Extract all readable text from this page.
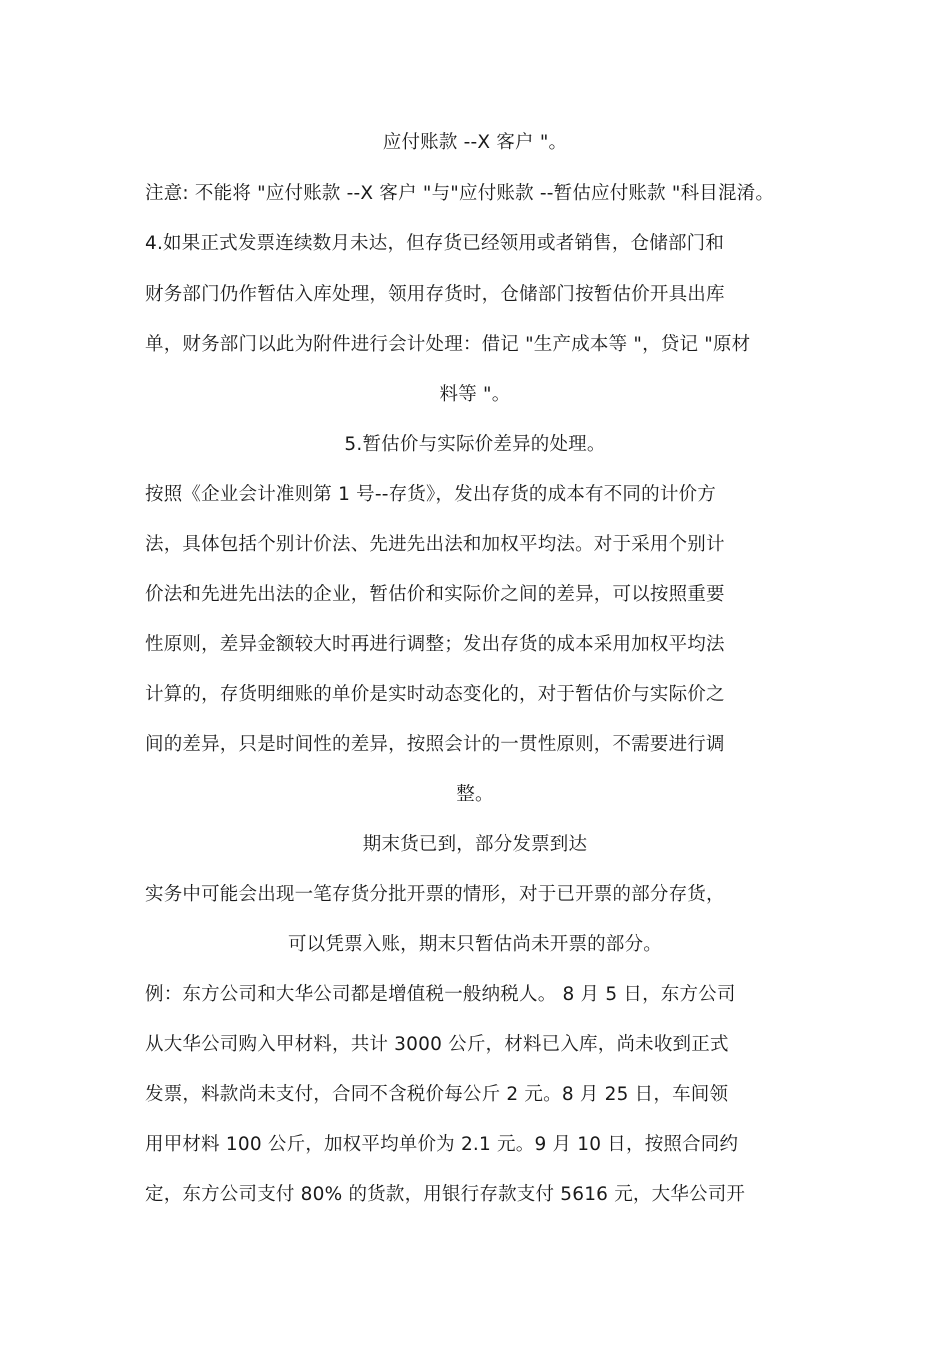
应付账款 --X 客户 "。
注意: 不能将 "应付账款 --X 客户 "与"应付账款 --暂估应付账款 "科目混淆。
4.如果正式发票连续数月未达，但存货已经领用或者销售，仓储部门和
财务部门仍作暂估入库处理，领用存货时，仓储部门按暂估价开具出库
单，财务部门以此为附件进行会计处理：借记 "生产成本等 "，贷记 "原材
料等 "。
5.暂估价与实际价差异的处理。
按照《企业会计准则第 1 号--存货》，发出存货的成本有不同的计价方
法，具体包括个别计价法、先进先出法和加权平均法。对于采用个别计
价法和先进先出法的企业，暂估价和实际价之间的差异，可以按照重要
性原则，差异金额较大时再进行调整；发出存货的成本采用加权平均法
计算的，存货明细账的单价是实时动态变化的，对于暂估价与实际价之
间的差异，只是时间性的差异，按照会计的一贯性原则，不需要进行调
整。
期末货已到，部分发票到达
实务中可能会出现一笔存货分批开票的情形，对于已开票的部分存货，
可以凭票入账，期末只暂估尚未开票的部分。
例：东方公司和大华公司都是增值税一般纳税人。 8 月 5 日，东方公司
从大华公司购入甲材料，共计 3000 公斤，材料已入库，尚未收到正式
发票，料款尚未支付，合同不含税价每公斤 2 元。8 月 25 日，车间领
用甲材料 100 公斤，加权平均单价为 2.1 元。9 月 10 日，按照合同约
定，东方公司支付 80% 的货款，用银行存款支付 5616 元，大华公司开
